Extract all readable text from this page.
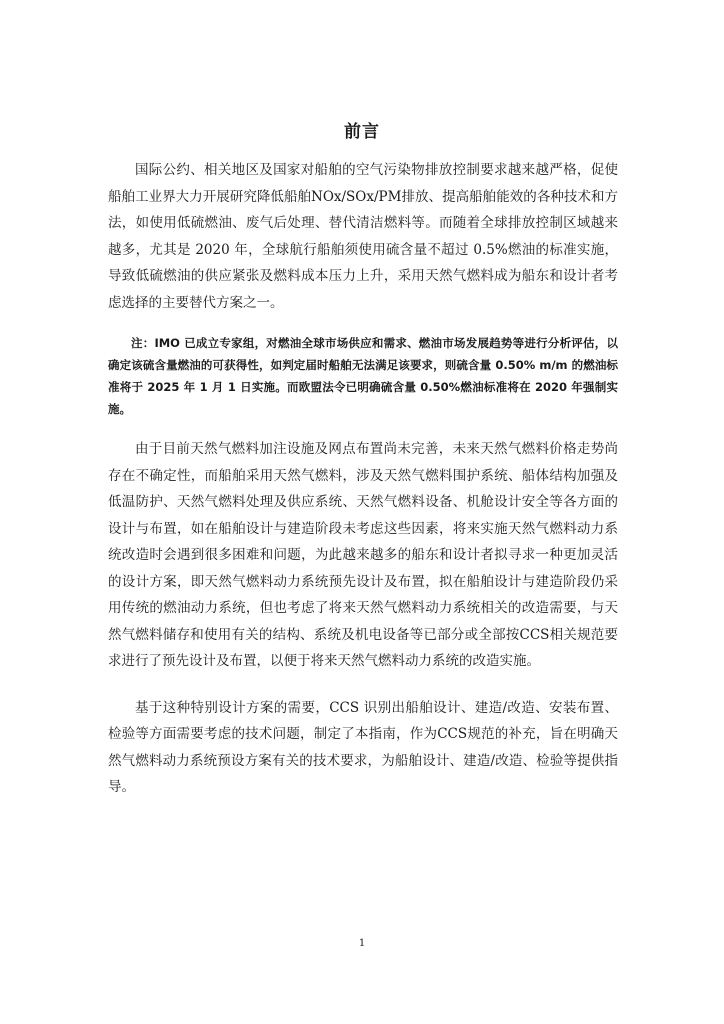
前言

国际公约、相关地区及国家对船舶的空气污染物排放控制要求越来越严格，促使船舶工业界大力开展研究降低船舶NOx/SOx/PM排放、提高船舶能效的各种技术和方法，如使用低硫燃油、废气后处理、替代清洁燃料等。而随着全球排放控制区域越来越多，尤其是 2020 年，全球航行船舶须使用硫含量不超过 0.5%燃油的标准实施，导致低硫燃油的供应紧张及燃料成本压力上升，采用天然气燃料成为船东和设计者考虑选择的主要替代方案之一。

注：IMO 已成立专家组，对燃油全球市场供应和需求、燃油市场发展趋势等进行分析评估，以确定该硫含量燃油的可获得性，如判定届时船舶无法满足该要求，则硫含量 0.50% m/m 的燃油标准将于 2025 年 1 月 1 日实施。而欧盟法令已明确硫含量 0.50%燃油标准将在 2020 年强制实施。

由于目前天然气燃料加注设施及网点布置尚未完善，未来天然气燃料价格走势尚存在不确定性，而船舶采用天然气燃料，涉及天然气燃料围护系统、船体结构加强及低温防护、天然气燃料处理及供应系统、天然气燃料设备、机舱设计安全等各方面的设计与布置，如在船舶设计与建造阶段未考虑这些因素，将来实施天然气燃料动力系统改造时会遇到很多困难和问题，为此越来越多的船东和设计者拟寻求一种更加灵活的设计方案，即天然气燃料动力系统预先设计及布置，拟在船舶设计与建造阶段仍采用传统的燃油动力系统，但也考虑了将来天然气燃料动力系统相关的改造需要，与天然气燃料储存和使用有关的结构、系统及机电设备等已部分或全部按CCS相关规范要求进行了预先设计及布置，以便于将来天然气燃料动力系统的改造实施。

基于这种特别设计方案的需要，CCS 识别出船舶设计、建造/改造、安装布置、检验等方面需要考虑的技术问题，制定了本指南，作为CCS规范的补充，旨在明确天然气燃料动力系统预设方案有关的技术要求，为船舶设计、建造/改造、检验等提供指导。

1
